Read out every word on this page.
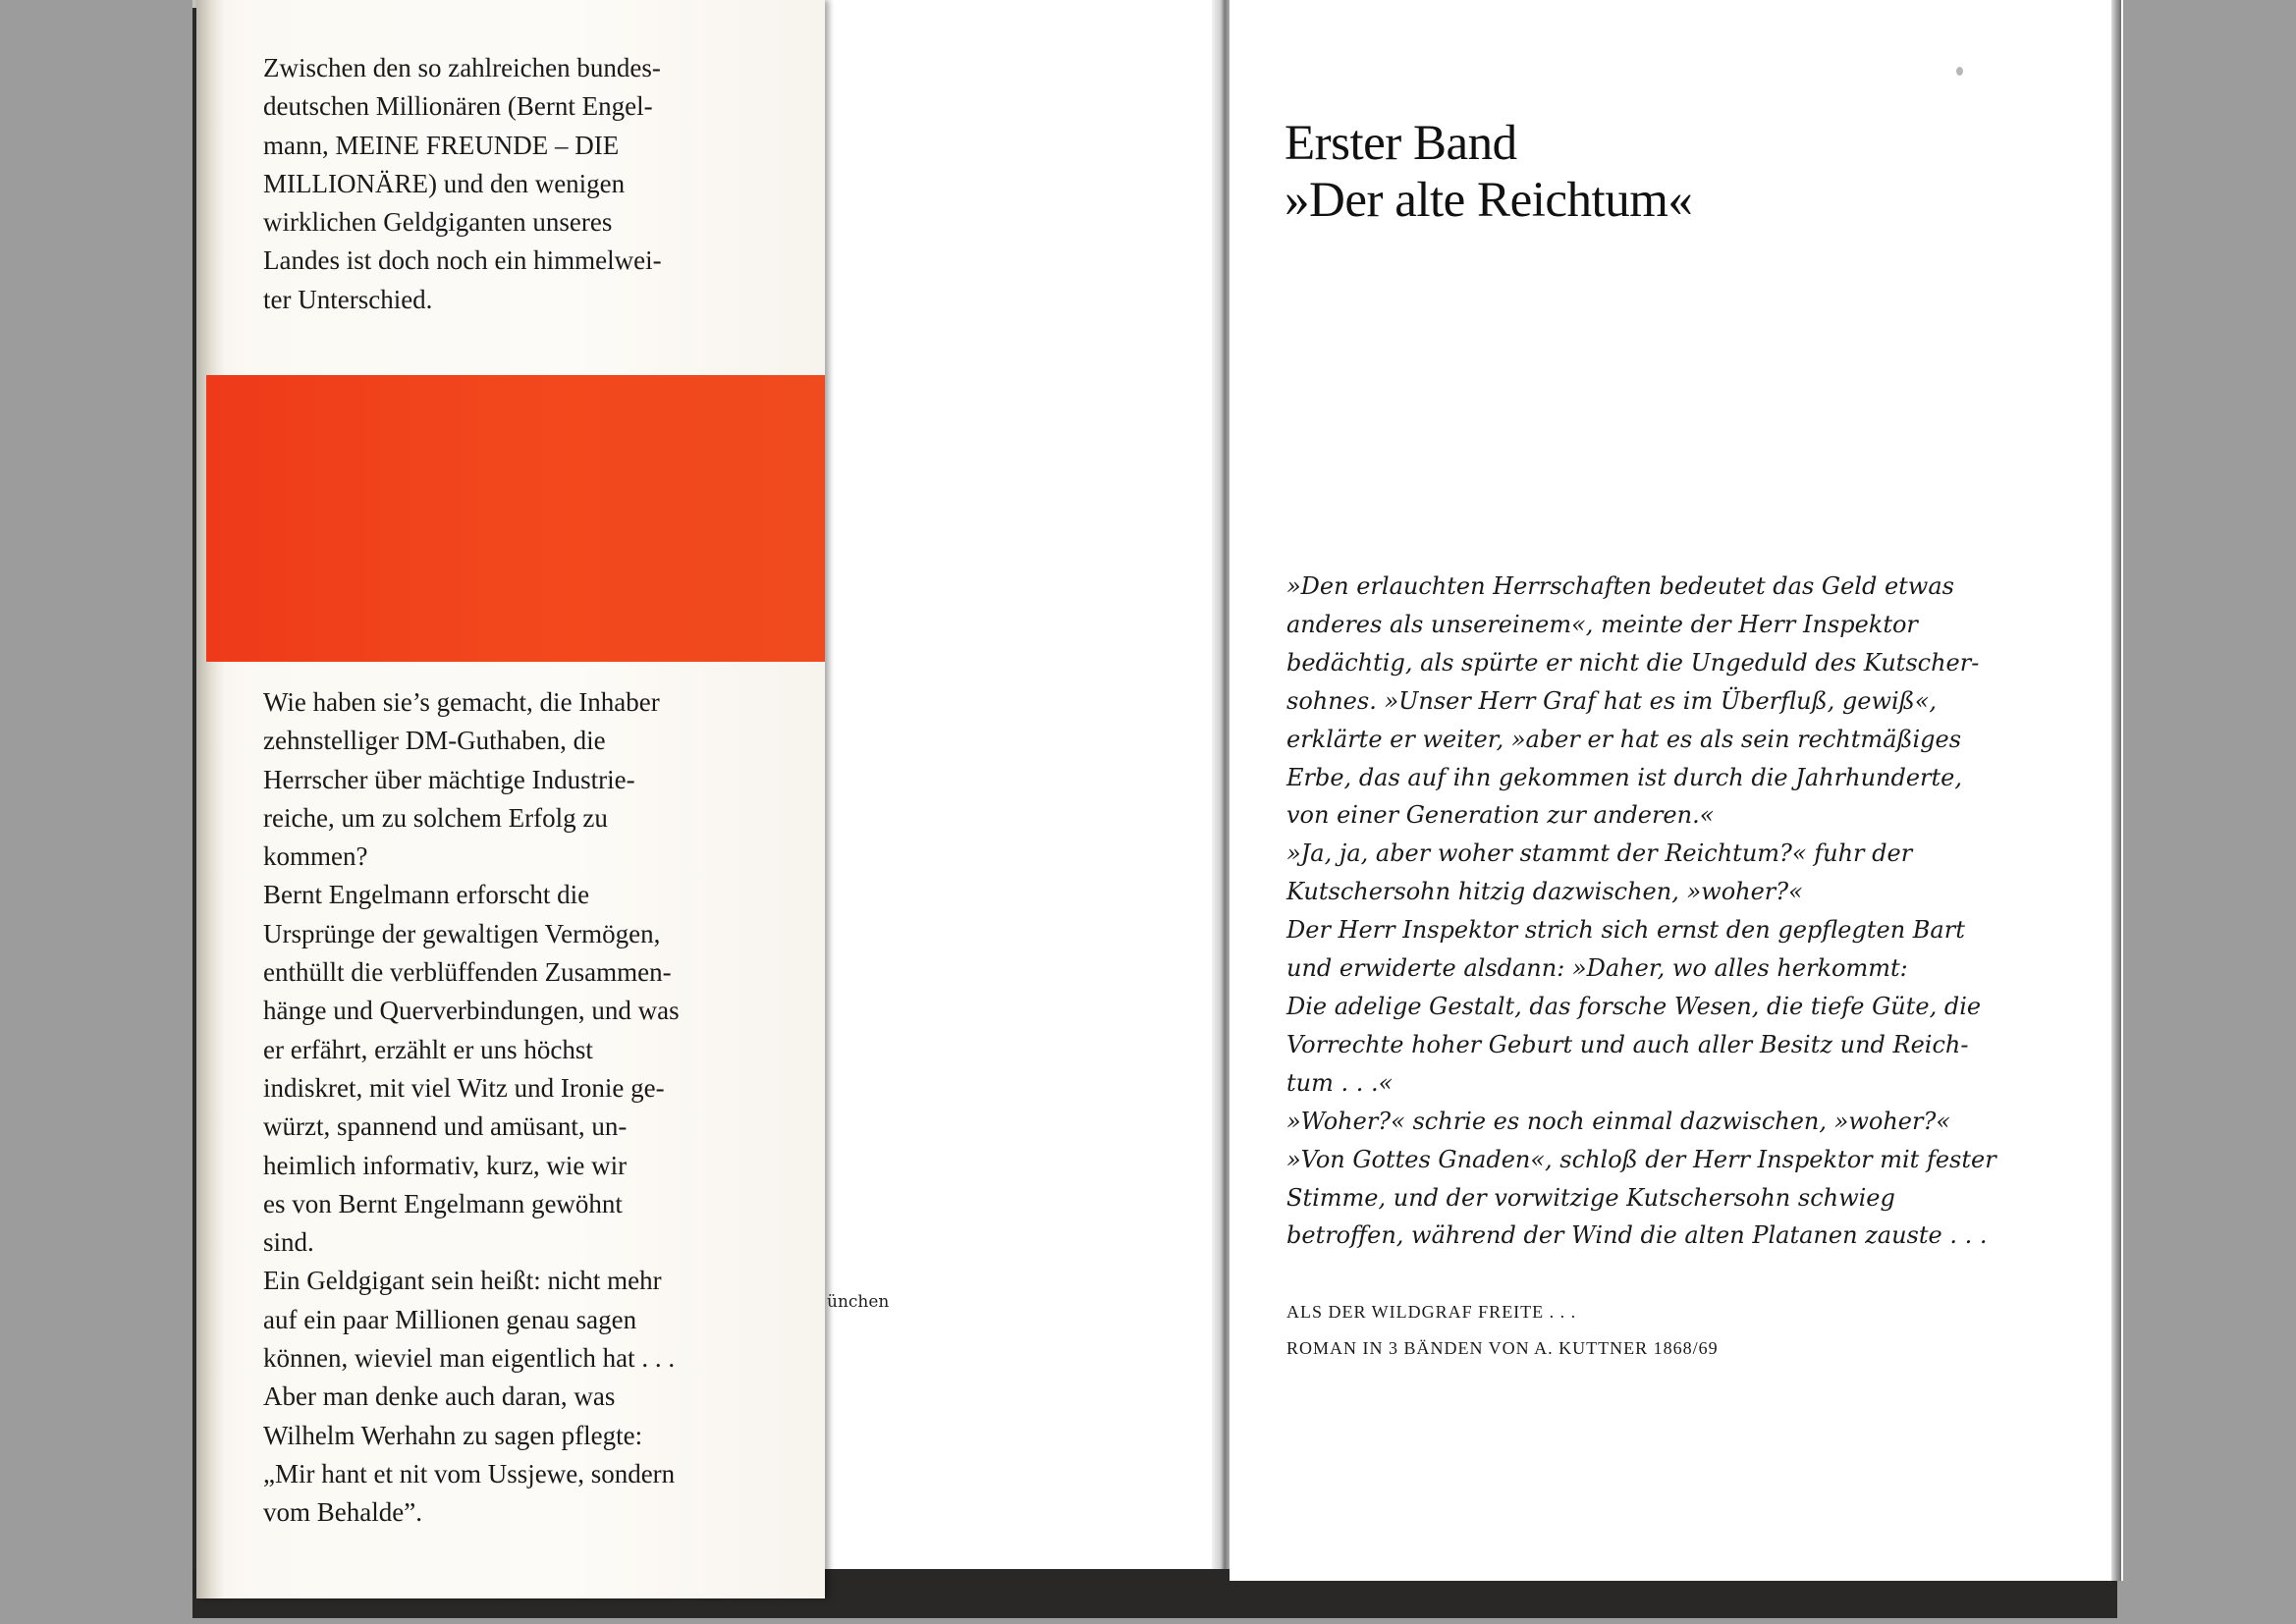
Zwischen den so zahlreichen bundes-
deutschen Millionären (Bernt Engel-
mann, MEINE FREUNDE – DIE
MILLIONÄRE) und den wenigen
wirklichen Geldgiganten unseres
Landes ist doch noch ein himmelwei-
ter Unterschied.
Wie haben sie’s gemacht, die Inhaber
zehnstelliger DM-Guthaben, die
Herrscher über mächtige Industrie-
reiche, um zu solchem Erfolg zu
kommen?
Bernt Engelmann erforscht die
Ursprünge der gewaltigen Vermögen,
enthüllt die verblüffenden Zusammen-
hänge und Querverbindungen, und was
er erfährt, erzählt er uns höchst
indiskret, mit viel Witz und Ironie ge-
würzt, spannend und amüsant, un-
heimlich informativ, kurz, wie wir
es von Bernt Engelmann gewöhnt
sind.
Ein Geldgigant sein heißt: nicht mehr
auf ein paar Millionen genau sagen
können, wieviel man eigentlich hat . . .
Aber man denke auch daran, was
Wilhelm Werhahn zu sagen pflegte:
„Mir hant et nit vom Ussjewe, sondern
vom Behalde”.
ünchen
Erster Band
»Der alte Reichtum«
»Den erlauchten Herrschaften bedeutet das Geld etwas
anderes als unsereinem«, meinte der Herr Inspektor
bedächtig, als spürte er nicht die Ungeduld des Kutscher-
sohnes. »Unser Herr Graf hat es im Überfluß, gewiß«,
erklärte er weiter, »aber er hat es als sein rechtmäßiges
Erbe, das auf ihn gekommen ist durch die Jahrhunderte,
von einer Generation zur anderen.«
»Ja, ja, aber woher stammt der Reichtum?« fuhr der
Kutschersohn hitzig dazwischen, »woher?«
Der Herr Inspektor strich sich ernst den gepflegten Bart
und erwiderte alsdann: »Daher, wo alles herkommt:
Die adelige Gestalt, das forsche Wesen, die tiefe Güte, die
Vorrechte hoher Geburt und auch aller Besitz und Reich-
tum . . .«
»Woher?« schrie es noch einmal dazwischen, »woher?«
»Von Gottes Gnaden«, schloß der Herr Inspektor mit fester
Stimme, und der vorwitzige Kutschersohn schwieg
betroffen, während der Wind die alten Platanen zauste . . .
ALS DER WILDGRAF FREITE . . .
ROMAN IN 3 BÄNDEN VON A. KUTTNER 1868/69
